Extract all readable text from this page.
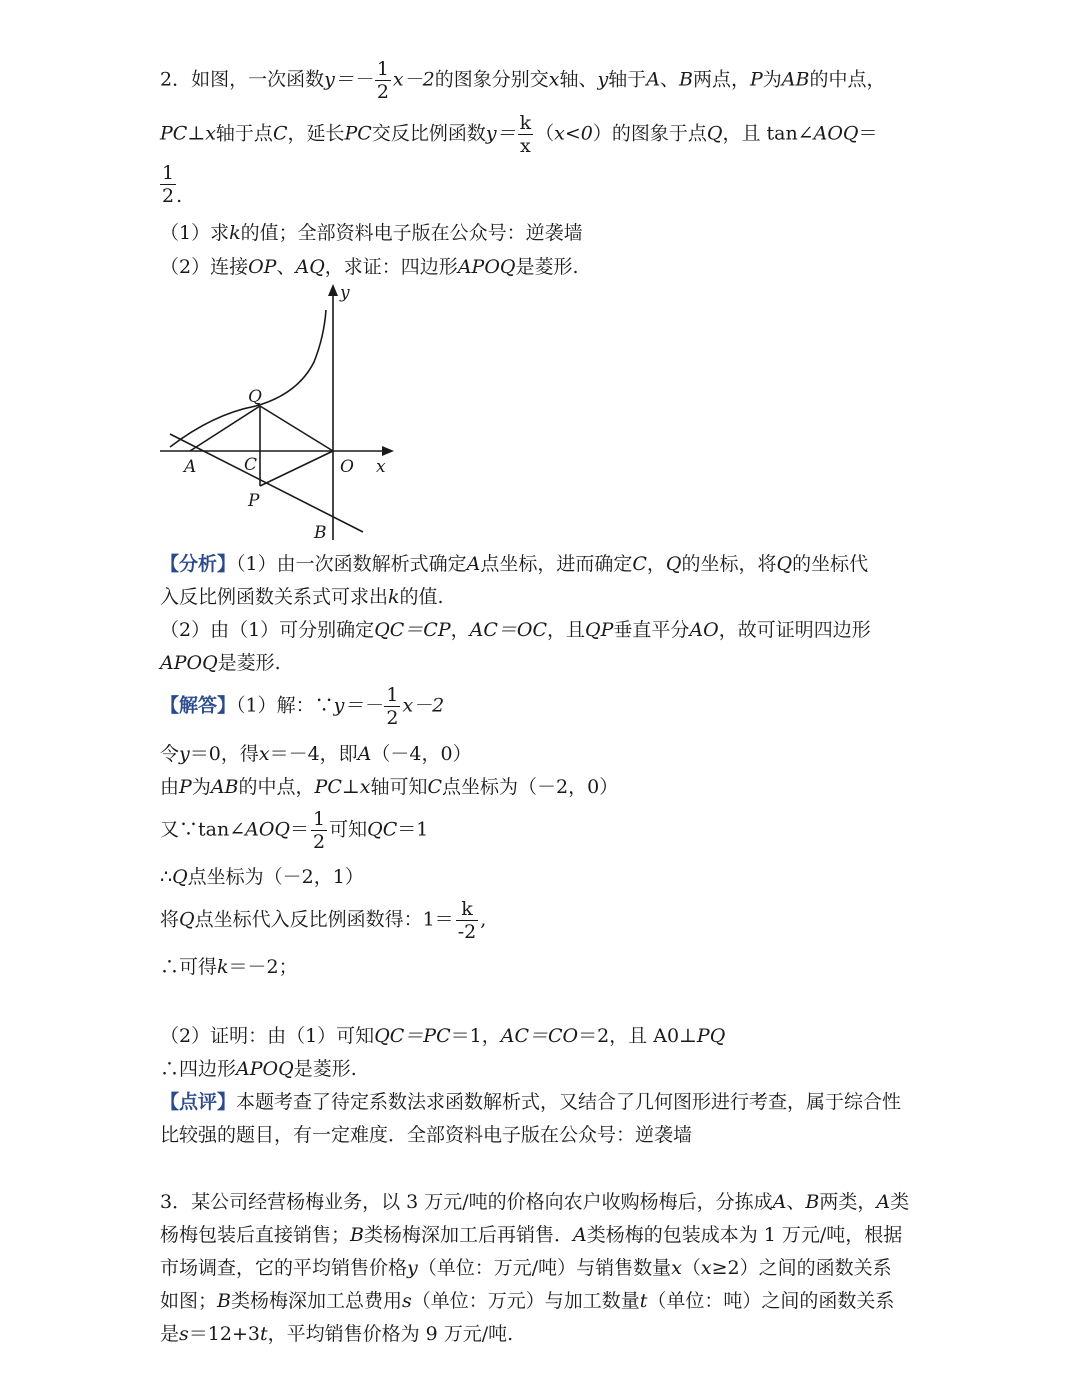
2．如图，一次函数$y=- \frac{1}{2} x-2$的图象分别交x轴、y轴于A、B两点，P为AB的中点，
PC⊥x轴于点C，延长PC交反比例函数$y= \frac{k}{x} (x<0)$的图象于点Q，且 tan∠AOQ＝
$\frac{1}{2}$ .
（1）求k的值；全部资料电子版在公众号：逆袭墙
（2）连接OP、AQ，求证：四边形APOQ是菱形.
y
x
Q
A	C	O
P
B
【分析】（1）由一次函数解析式确定A点坐标，进而确定C，Q的坐标，将Q的坐标代
入反比例函数关系式可求出k的值.
（2）由（1）可分别确定QC＝CP，AC＝OC，且QP垂直平分AO，故可证明四边形
APOQ是菱形.
【解答】（1）解：∵y＝－ $\frac{1}{2} x-2$
令y＝0，得x＝－4，即A（－4，0）
由P为AB的中点，PC⊥x轴可知C点坐标为（－2，0）
又∵tan∠AOQ＝ $\frac{1}{2}$ 可知QC＝1
∴Q点坐标为（－2，1）
将Q点坐标代入反比例函数得：$1= \frac{k}{-2}$ ,
∴可得k＝－2；
（2）证明：由（1）可知QC＝PC＝1，AC＝CO＝2，且 A0⊥PQ
∴四边形APOQ是菱形.
【点评】本题考查了待定系数法求函数解析式，又结合了几何图形进行考查，属于综合性
比较强的题目，有一定难度．全部资料电子版在公众号：逆袭墙
3．某公司经营杨梅业务，以 3 万元/吨的价格向农户收购杨梅后，分拣成A、B两类，A类
杨梅包装后直接销售；B类杨梅深加工后再销售．A类杨梅的包装成本为 1 万元/吨，根据
市场调查，它的平均销售价格y（单位：万元/吨）与销售数量x（x≥2）之间的函数关系
如图；B类杨梅深加工总费用s（单位：万元）与加工数量t（单位：吨）之间的函数关系
是s＝12+3t，平均销售价格为 9 万元/吨.
